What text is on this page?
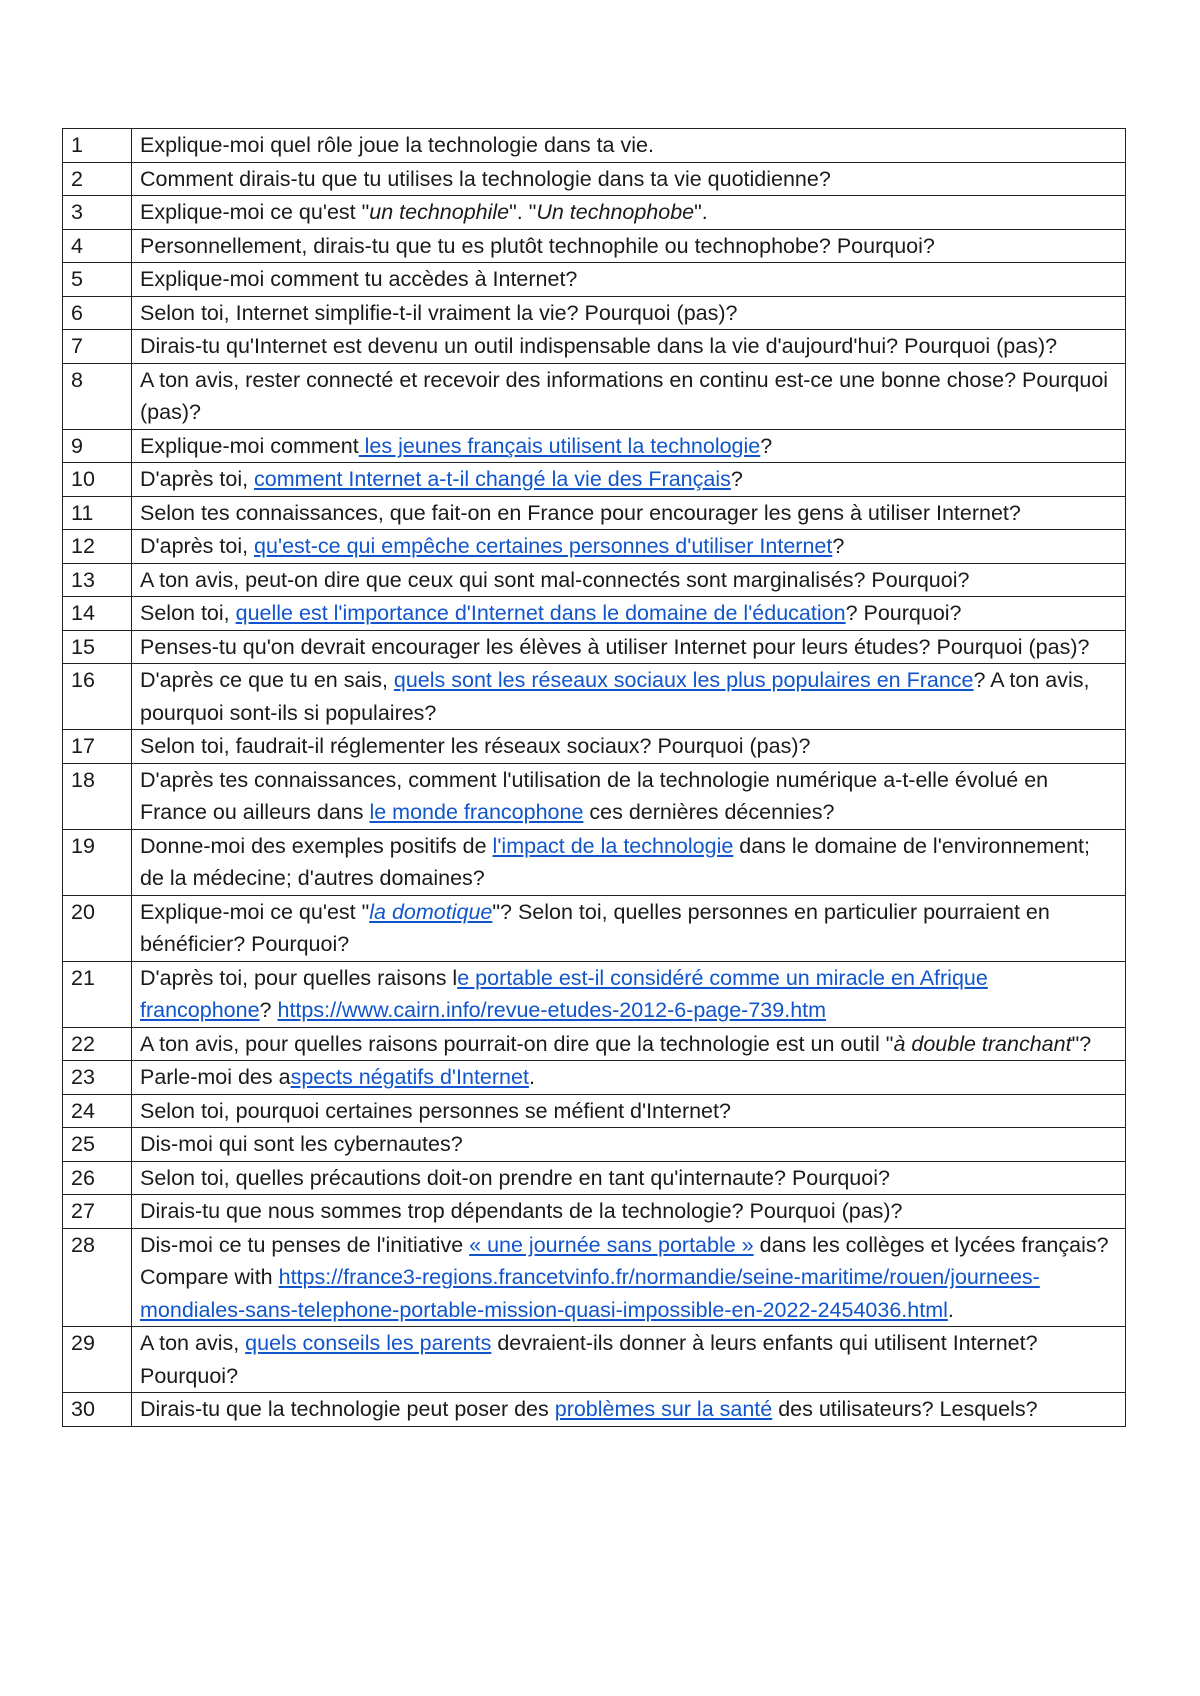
1	Explique-moi quel rôle joue la technologie dans ta vie.
2	Comment dirais-tu que tu utilises la technologie dans ta vie quotidienne?
3	Explique-moi ce qu'est "un technophile". "Un technophobe".
4	Personnellement, dirais-tu que tu es plutôt technophile ou technophobe? Pourquoi?
5	Explique-moi comment tu accèdes à Internet?
6	Selon toi, Internet simplifie-t-il vraiment la vie? Pourquoi (pas)?
7	Dirais-tu qu'Internet est devenu un outil indispensable dans la vie d'aujourd'hui? Pourquoi (pas)?
8	A ton avis, rester connecté et recevoir des informations en continu est-ce une bonne chose? Pourquoi (pas)?
9	Explique-moi comment les jeunes français utilisent la technologie?
10	D'après toi, comment Internet a-t-il changé la vie des Français?
11	Selon tes connaissances, que fait-on en France pour encourager les gens à utiliser Internet?
12	D'après toi, qu'est-ce qui empêche certaines personnes d'utiliser Internet?
13	A ton avis, peut-on dire que ceux qui sont mal-connectés sont marginalisés? Pourquoi?
14	Selon toi, quelle est l'importance d'Internet dans le domaine de l'éducation? Pourquoi?
15	Penses-tu qu'on devrait encourager les élèves à utiliser Internet pour leurs études? Pourquoi (pas)?
16	D'après ce que tu en sais, quels sont les réseaux sociaux les plus populaires en France? A ton avis, pourquoi sont-ils si populaires?
17	Selon toi, faudrait-il réglementer les réseaux sociaux? Pourquoi (pas)?
18	D'après tes connaissances, comment l'utilisation de la technologie numérique a-t-elle évolué en France ou ailleurs dans le monde francophone ces dernières décennies?
19	Donne-moi des exemples positifs de l'impact de la technologie dans le domaine de l'environnement; de la médecine; d'autres domaines?
20	Explique-moi ce qu'est "la domotique"? Selon toi, quelles personnes en particulier pourraient en bénéficier? Pourquoi?
21	D'après toi, pour quelles raisons le portable est-il considéré comme un miracle en Afrique francophone? https://www.cairn.info/revue-etudes-2012-6-page-739.htm
22	A ton avis, pour quelles raisons pourrait-on dire que la technologie est un outil "à double tranchant"?
23	Parle-moi des aspects négatifs d'Internet.
24	Selon toi, pourquoi certaines personnes se méfient d'Internet?
25	Dis-moi qui sont les cybernautes?
26	Selon toi, quelles précautions doit-on prendre en tant qu'internaute? Pourquoi?
27	Dirais-tu que nous sommes trop dépendants de la technologie? Pourquoi (pas)?
28	Dis-moi ce tu penses de l'initiative « une journée sans portable » dans les collèges et lycées français? Compare with https://france3-regions.francetvinfo.fr/normandie/seine-maritime/rouen/journees-mondiales-sans-telephone-portable-mission-quasi-impossible-en-2022-2454036.html.
29	A ton avis, quels conseils les parents devraient-ils donner à leurs enfants qui utilisent Internet? Pourquoi?
30	Dirais-tu que la technologie peut poser des problèmes sur la santé des utilisateurs? Lesquels?
